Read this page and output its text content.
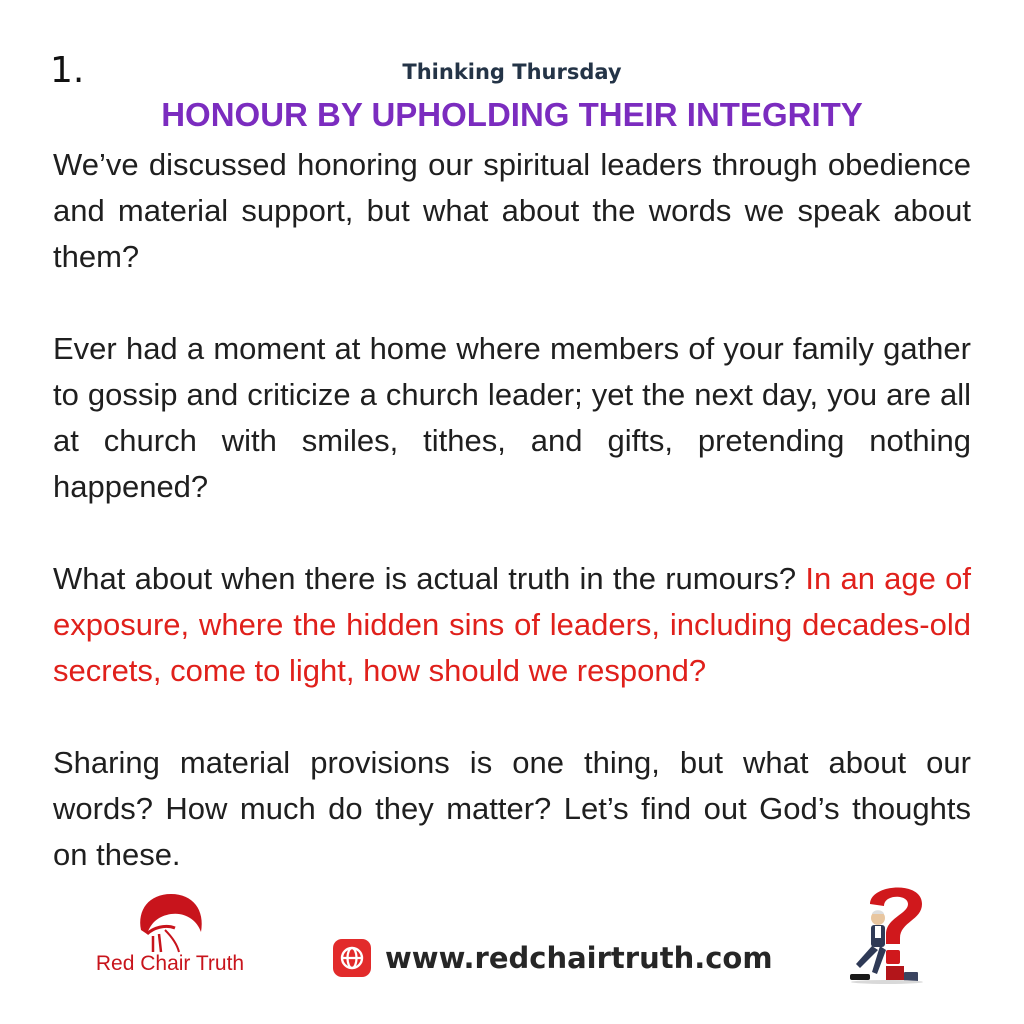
1.	Thinking Thursday
HONOUR BY UPHOLDING THEIR INTEGRITY

We’ve discussed honoring our spiritual leaders through obedience and material support, but what about the words we speak about them?

Ever had a moment at home where members of your family gather to gossip and criticize a church leader; yet the next day, you are all at church with smiles, tithes, and gifts, pretending nothing happened?

What about when there is actual truth in the rumours? In an age of exposure, where the hidden sins of leaders, including decades-old secrets, come to light, how should we respond?

Sharing material provisions is one thing, but what about our words? How much do they matter? Let’s find out God’s thoughts on these.

Red Chair Truth	www.redchairtruth.com
